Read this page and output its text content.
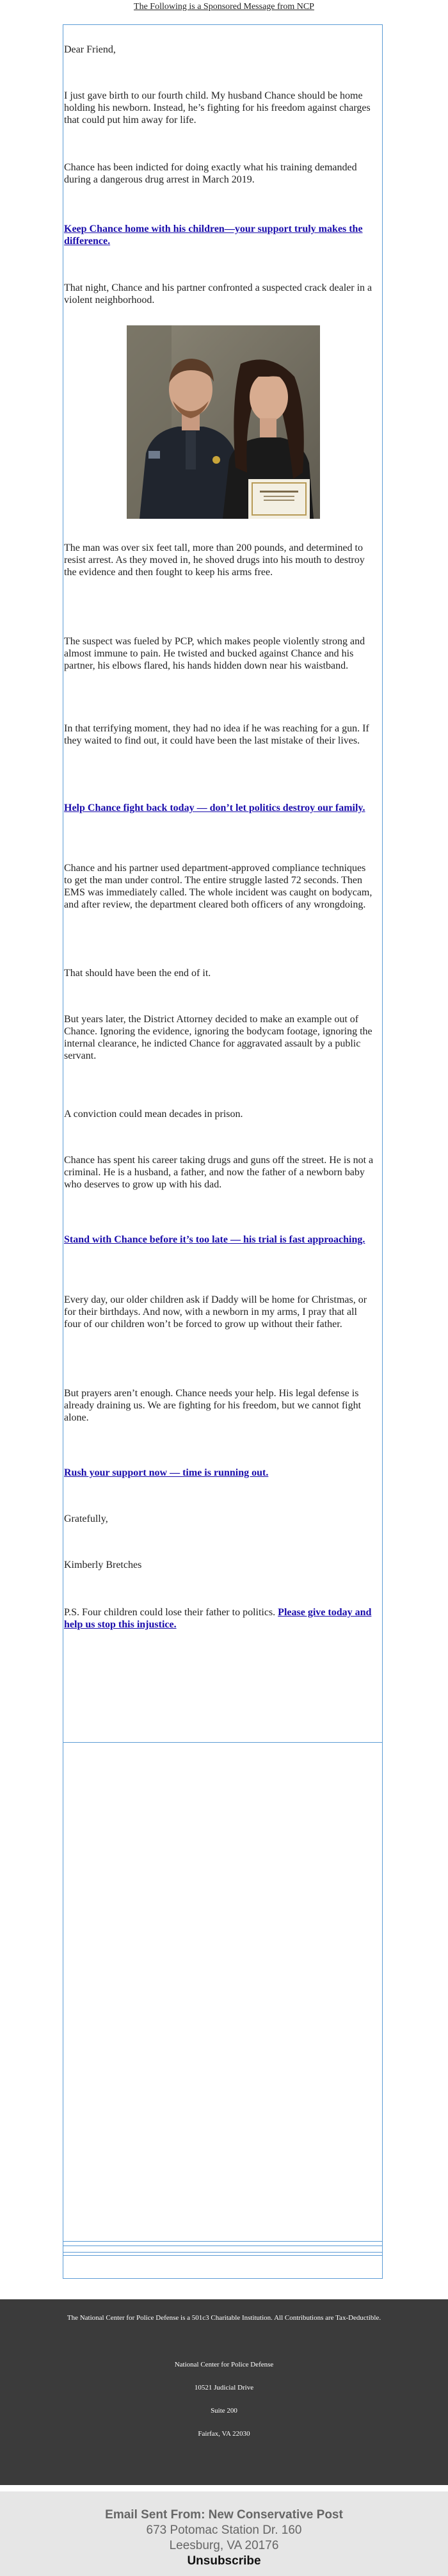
The Following is a Sponsored Message from NCP

Dear Friend,

I just gave birth to our fourth child. My husband Chance should be home holding his newborn. Instead, he’s fighting for his freedom against charges that could put him away for life.

Chance has been indicted for doing exactly what his training demanded during a dangerous drug arrest in March 2019.

Keep Chance home with his children—your support truly makes the difference.

That night, Chance and his partner confronted a suspected crack dealer in a violent neighborhood.

The man was over six feet tall, more than 200 pounds, and determined to resist arrest. As they moved in, he shoved drugs into his mouth to destroy the evidence and then fought to keep his arms free.

The suspect was fueled by PCP, which makes people violently strong and almost immune to pain. He twisted and bucked against Chance and his partner, his elbows flared, his hands hidden down near his waistband.

In that terrifying moment, they had no idea if he was reaching for a gun. If they waited to find out, it could have been the last mistake of their lives.

Help Chance fight back today — don’t let politics destroy our family.

Chance and his partner used department-approved compliance techniques to get the man under control. The entire struggle lasted 72 seconds. Then EMS was immediately called. The whole incident was caught on bodycam, and after review, the department cleared both officers of any wrongdoing.

That should have been the end of it.

But years later, the District Attorney decided to make an example out of Chance. Ignoring the evidence, ignoring the bodycam footage, ignoring the internal clearance, he indicted Chance for aggravated assault by a public servant.

A conviction could mean decades in prison.

Chance has spent his career taking drugs and guns off the street. He is not a criminal. He is a husband, a father, and now the father of a newborn baby who deserves to grow up with his dad.

Stand with Chance before it’s too late — his trial is fast approaching.

Every day, our older children ask if Daddy will be home for Christmas, or for their birthdays. And now, with a newborn in my arms, I pray that all four of our children won’t be forced to grow up without their father.

But prayers aren’t enough. Chance needs your help. His legal defense is already draining us. We are fighting for his freedom, but we cannot fight alone.

Rush your support now — time is running out.

Gratefully,

Kimberly Bretches

P.S. Four children could lose their father to politics. Please give today and help us stop this injustice.

The National Center for Police Defense is a 501c3 Charitable Institution. All Contributions are Tax-Deductible.
National Center for Police Defense
10521 Judicial Drive
Suite 200
Fairfax, VA 22030
Email Sent From: New Conservative Post
673 Potomac Station Dr. 160
Leesburg, VA 20176
Unsubscribe
